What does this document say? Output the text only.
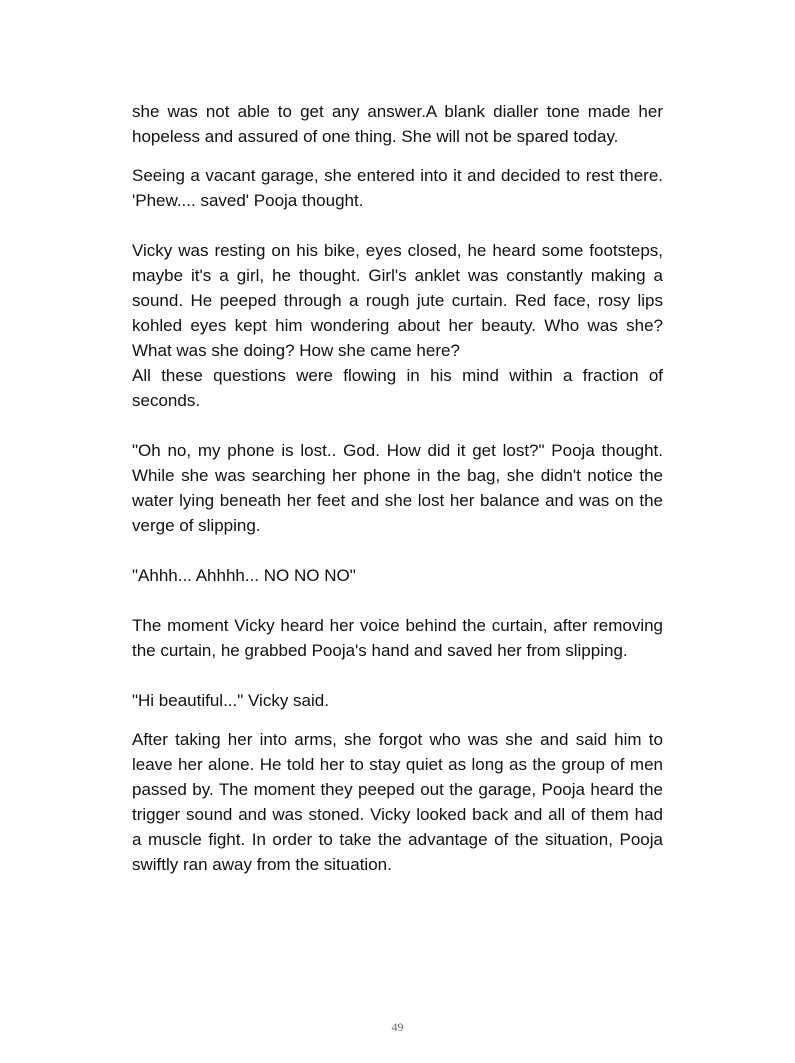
she was not able to get any answer.A blank dialler tone made her hopeless and assured of one thing. She will not be spared today.

Seeing a vacant garage, she entered into it and decided to rest there. 'Phew.... saved' Pooja thought.

Vicky was resting on his bike, eyes closed, he heard some footsteps, maybe it's a girl, he thought. Girl's anklet was constantly making a sound. He peeped through a rough jute curtain. Red face, rosy lips kohled eyes kept him wondering about her beauty. Who was she? What was she doing? How she came here?
All these questions were flowing in his mind within a fraction of seconds.

"Oh no, my phone is lost.. God. How did it get lost?" Pooja thought. While she was searching her phone in the bag, she didn't notice the water lying beneath her feet and she lost her balance and was on the verge of slipping.

"Ahhh... Ahhhh... NO NO NO"

The moment Vicky heard her voice behind the curtain, after removing the curtain, he grabbed Pooja's hand and saved her from slipping.

"Hi beautiful..." Vicky said.

After taking her into arms, she forgot who was she and said him to leave her alone. He told her to stay quiet as long as the group of men passed by. The moment they peeped out the garage, Pooja heard the trigger sound and was stoned. Vicky looked back and all of them had a muscle fight. In order to take the advantage of the situation, Pooja swiftly ran away from the situation.

49
